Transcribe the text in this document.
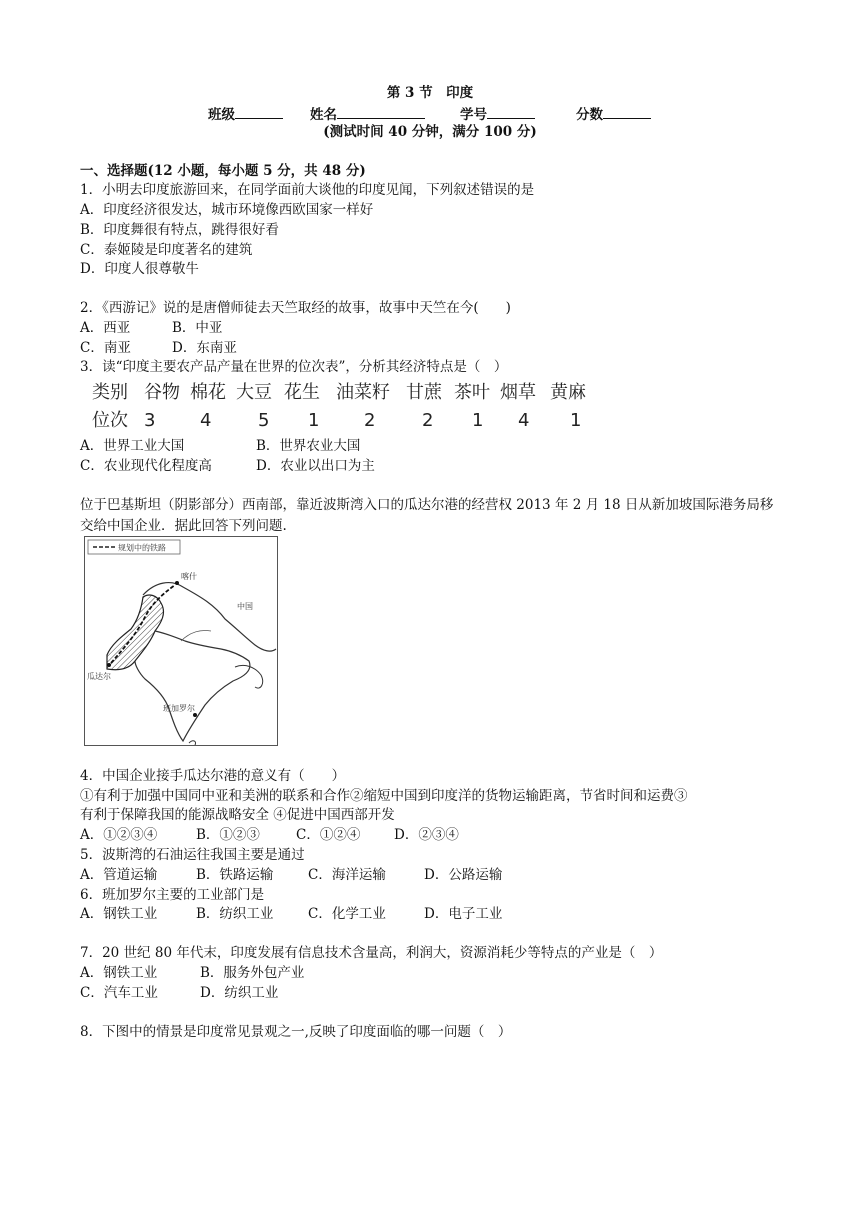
第 3 节　印度
班级	姓名	学号	分数
(测试时间 40 分钟，满分 100 分)
一、选择题(12 小题，每小题 5 分，共 48 分)
1．小明去印度旅游回来，在同学面前大谈他的印度见闻，下列叙述错误的是
A．印度经济很发达，城市环境像西欧国家一样好
B．印度舞很有特点，跳得很好看
C．泰姬陵是印度著名的建筑
D．印度人很尊敬牛
2．《西游记》说的是唐僧师徒去天竺取经的故事，故事中天竺在今(　　)
A．西亚	B．中亚
C．南亚	D．东南亚
3．读“印度主要农产品产量在世界的位次表”，分析其经济特点是（　）
类别 谷物 棉花 大豆 花生 油菜籽 甘蔗 茶叶 烟草 黄麻
位次 3 4	5 1 2	2 1 4 1
A．世界工业大国	B．世界农业大国
C．农业现代化程度高	D．农业以出口为主
位于巴基斯坦（阴影部分）西南部，靠近波斯湾入口的瓜达尔港的经营权 2013 年 2 月 18 日从新加坡国际港务局移交给中国企业．据此回答下列问题.
规划中的铁路
喀什
中国
瓜达尔
班加罗尔
4．中国企业接手瓜达尔港的意义有（　　）
①有利于加强中国同中亚和美洲的联系和合作②缩短中国到印度洋的货物运输距离，节省时间和运费③
有利于保障我国的能源战略安全 ④促进中国西部开发
A．①②③④	B．①②③	C．①②④ D．②③④
5．波斯湾的石油运往我国主要是通过
A．管道运输	B．铁路运输	C．海洋运输	D．公路运输
6．班加罗尔主要的工业部门是
A．钢铁工业	B．纺织工业	C．化学工业	D．电子工业
7．20 世纪 80 年代末，印度发展有信息技术含量高，利润大，资源消耗少等特点的产业是（　）
A．钢铁工业	B．服务外包产业
C．汽车工业	D．纺织工业
8．下图中的情景是印度常见景观之一,反映了印度面临的哪一问题（　）
